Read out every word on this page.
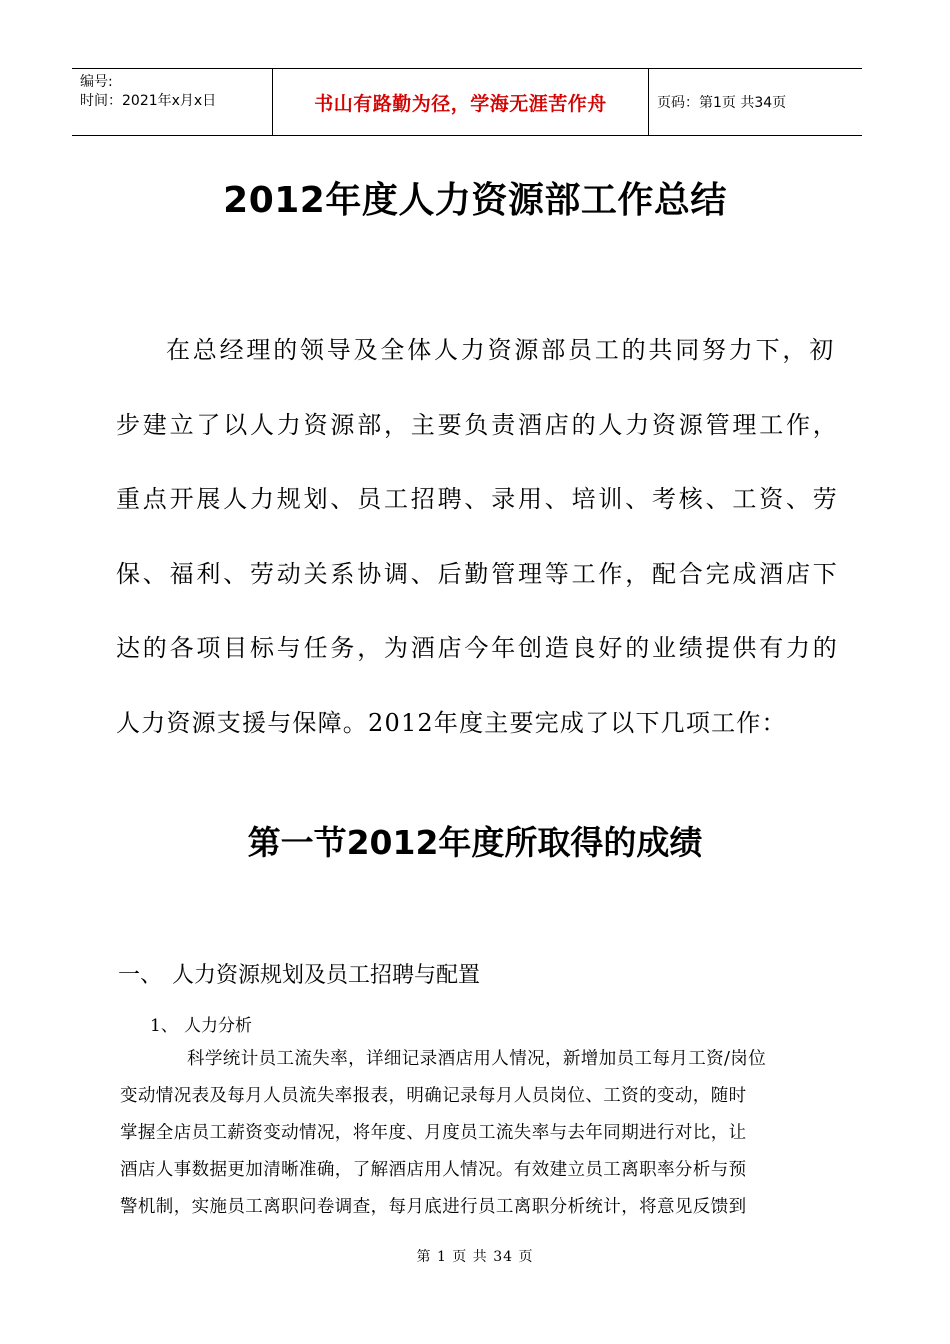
编号:
时间：2021年x月x日	书山有路勤为径，学海无涯苦作舟	页码：第1页 共34页
2012年度人力资源部工作总结
在总经理的领导及全体人力资源部员工的共同努力下，初
步建立了以人力资源部，主要负责酒店的人力资源管理工作，
重点开展人力规划、员工招聘、录用、培训、考核、工资、劳
保、福利、劳动关系协调、后勤管理等工作，配合完成酒店下
达的各项目标与任务，为酒店今年创造良好的业绩提供有力的
人力资源支援与保障。2012年度主要完成了以下几项工作：
第一节2012年度所取得的成绩
一、 人力资源规划及员工招聘与配置
1、 人力分析
科学统计员工流失率，详细记录酒店用人情况，新增加员工每月工资/岗位
变动情况表及每月人员流失率报表，明确记录每月人员岗位、工资的变动，随时
掌握全店员工薪资变动情况，将年度、月度员工流失率与去年同期进行对比，让
酒店人事数据更加清晰准确，了解酒店用人情况。有效建立员工离职率分析与预
警机制，实施员工离职问卷调查，每月底进行员工离职分析统计，将意见反馈到
第 1 页 共 34 页
